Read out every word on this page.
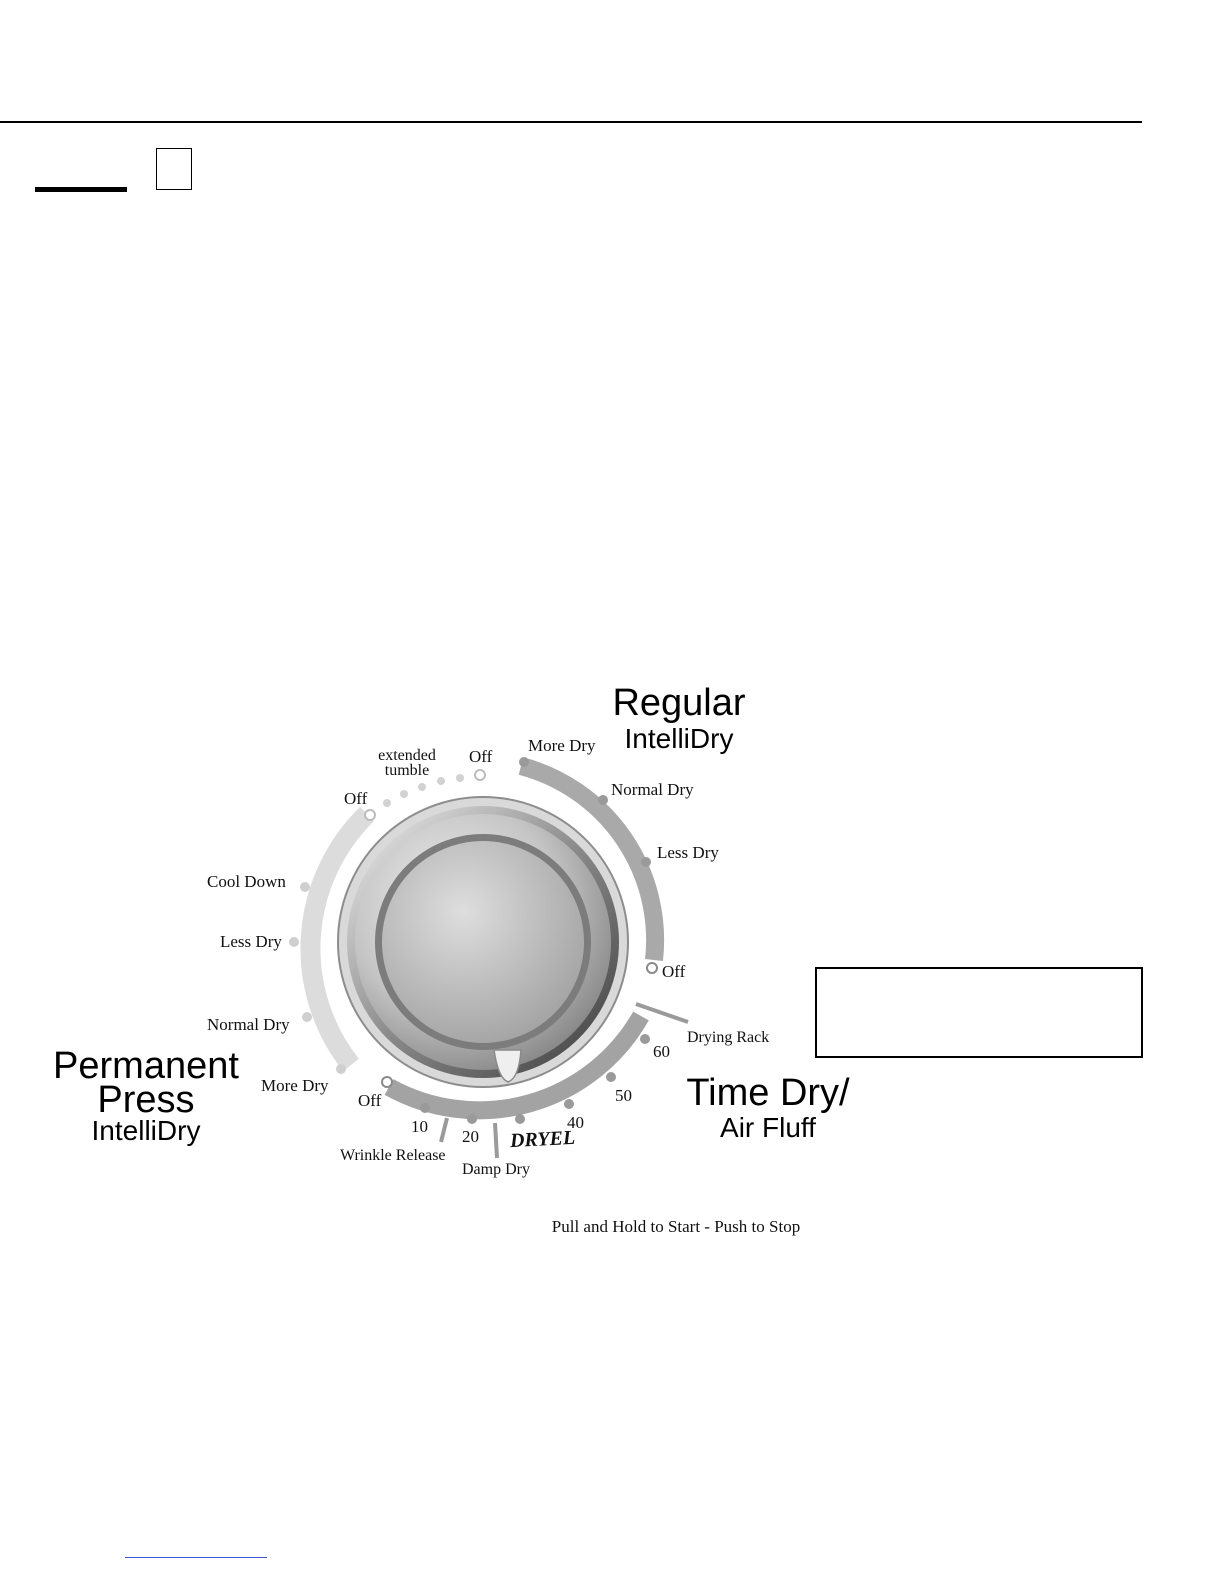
Regular
IntelliDry
More Dry
Normal Dry
Less Dry
Off
extended
tumble
Off
Off
Cool Down
Less Dry
Normal Dry
More Dry
Permanent
Press
IntelliDry
Drying Rack
60
50
40
20
10
Off
DRYEL
Wrinkle Release
Damp Dry
Time Dry/
Air Fluff
Pull and Hold to Start - Push to Stop
